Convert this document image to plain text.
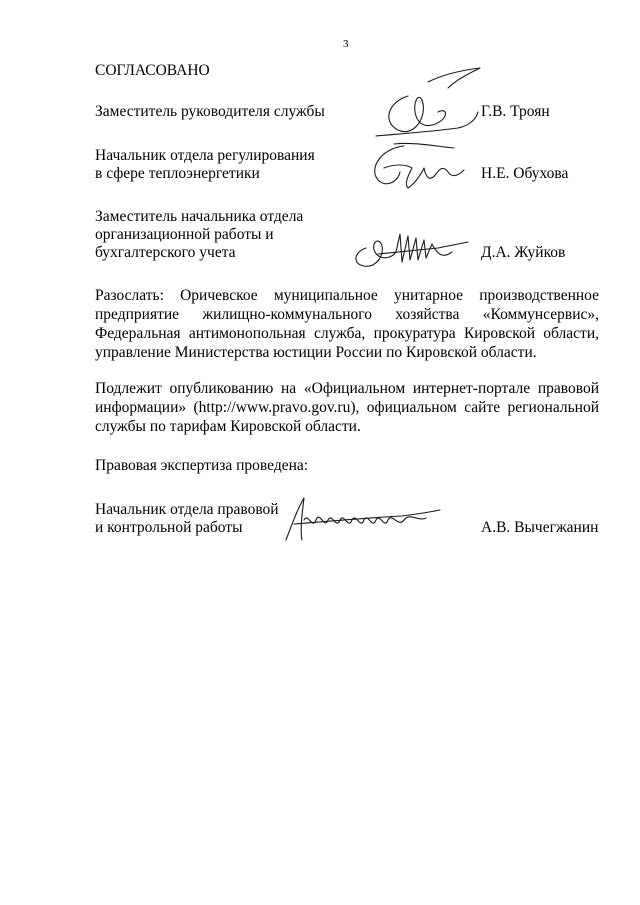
3
СОГЛАСОВАНО
Заместитель руководителя службы	Г.В. Троян
Начальник отдела регулирования
в сфере теплоэнергетики	Н.Е. Обухова
Заместитель начальника отдела
организационной работы и
бухгалтерского учета	Д.А. Жуйков
Разослать: Оричевское муниципальное унитарное производственное
предприятие жилищно-коммунального хозяйства «Коммунсервис»,
Федеральная антимонопольная служба, прокуратура Кировской области,
управление Министерства юстиции России по Кировской области.
Подлежит опубликованию на «Официальном интернет-портале правовой
информации» (http://www.pravo.gov.ru), официальном сайте региональной
службы по тарифам Кировской области.
Правовая экспертиза проведена:
Начальник отдела правовой
и контрольной работы	А.В. Вычегжанин
